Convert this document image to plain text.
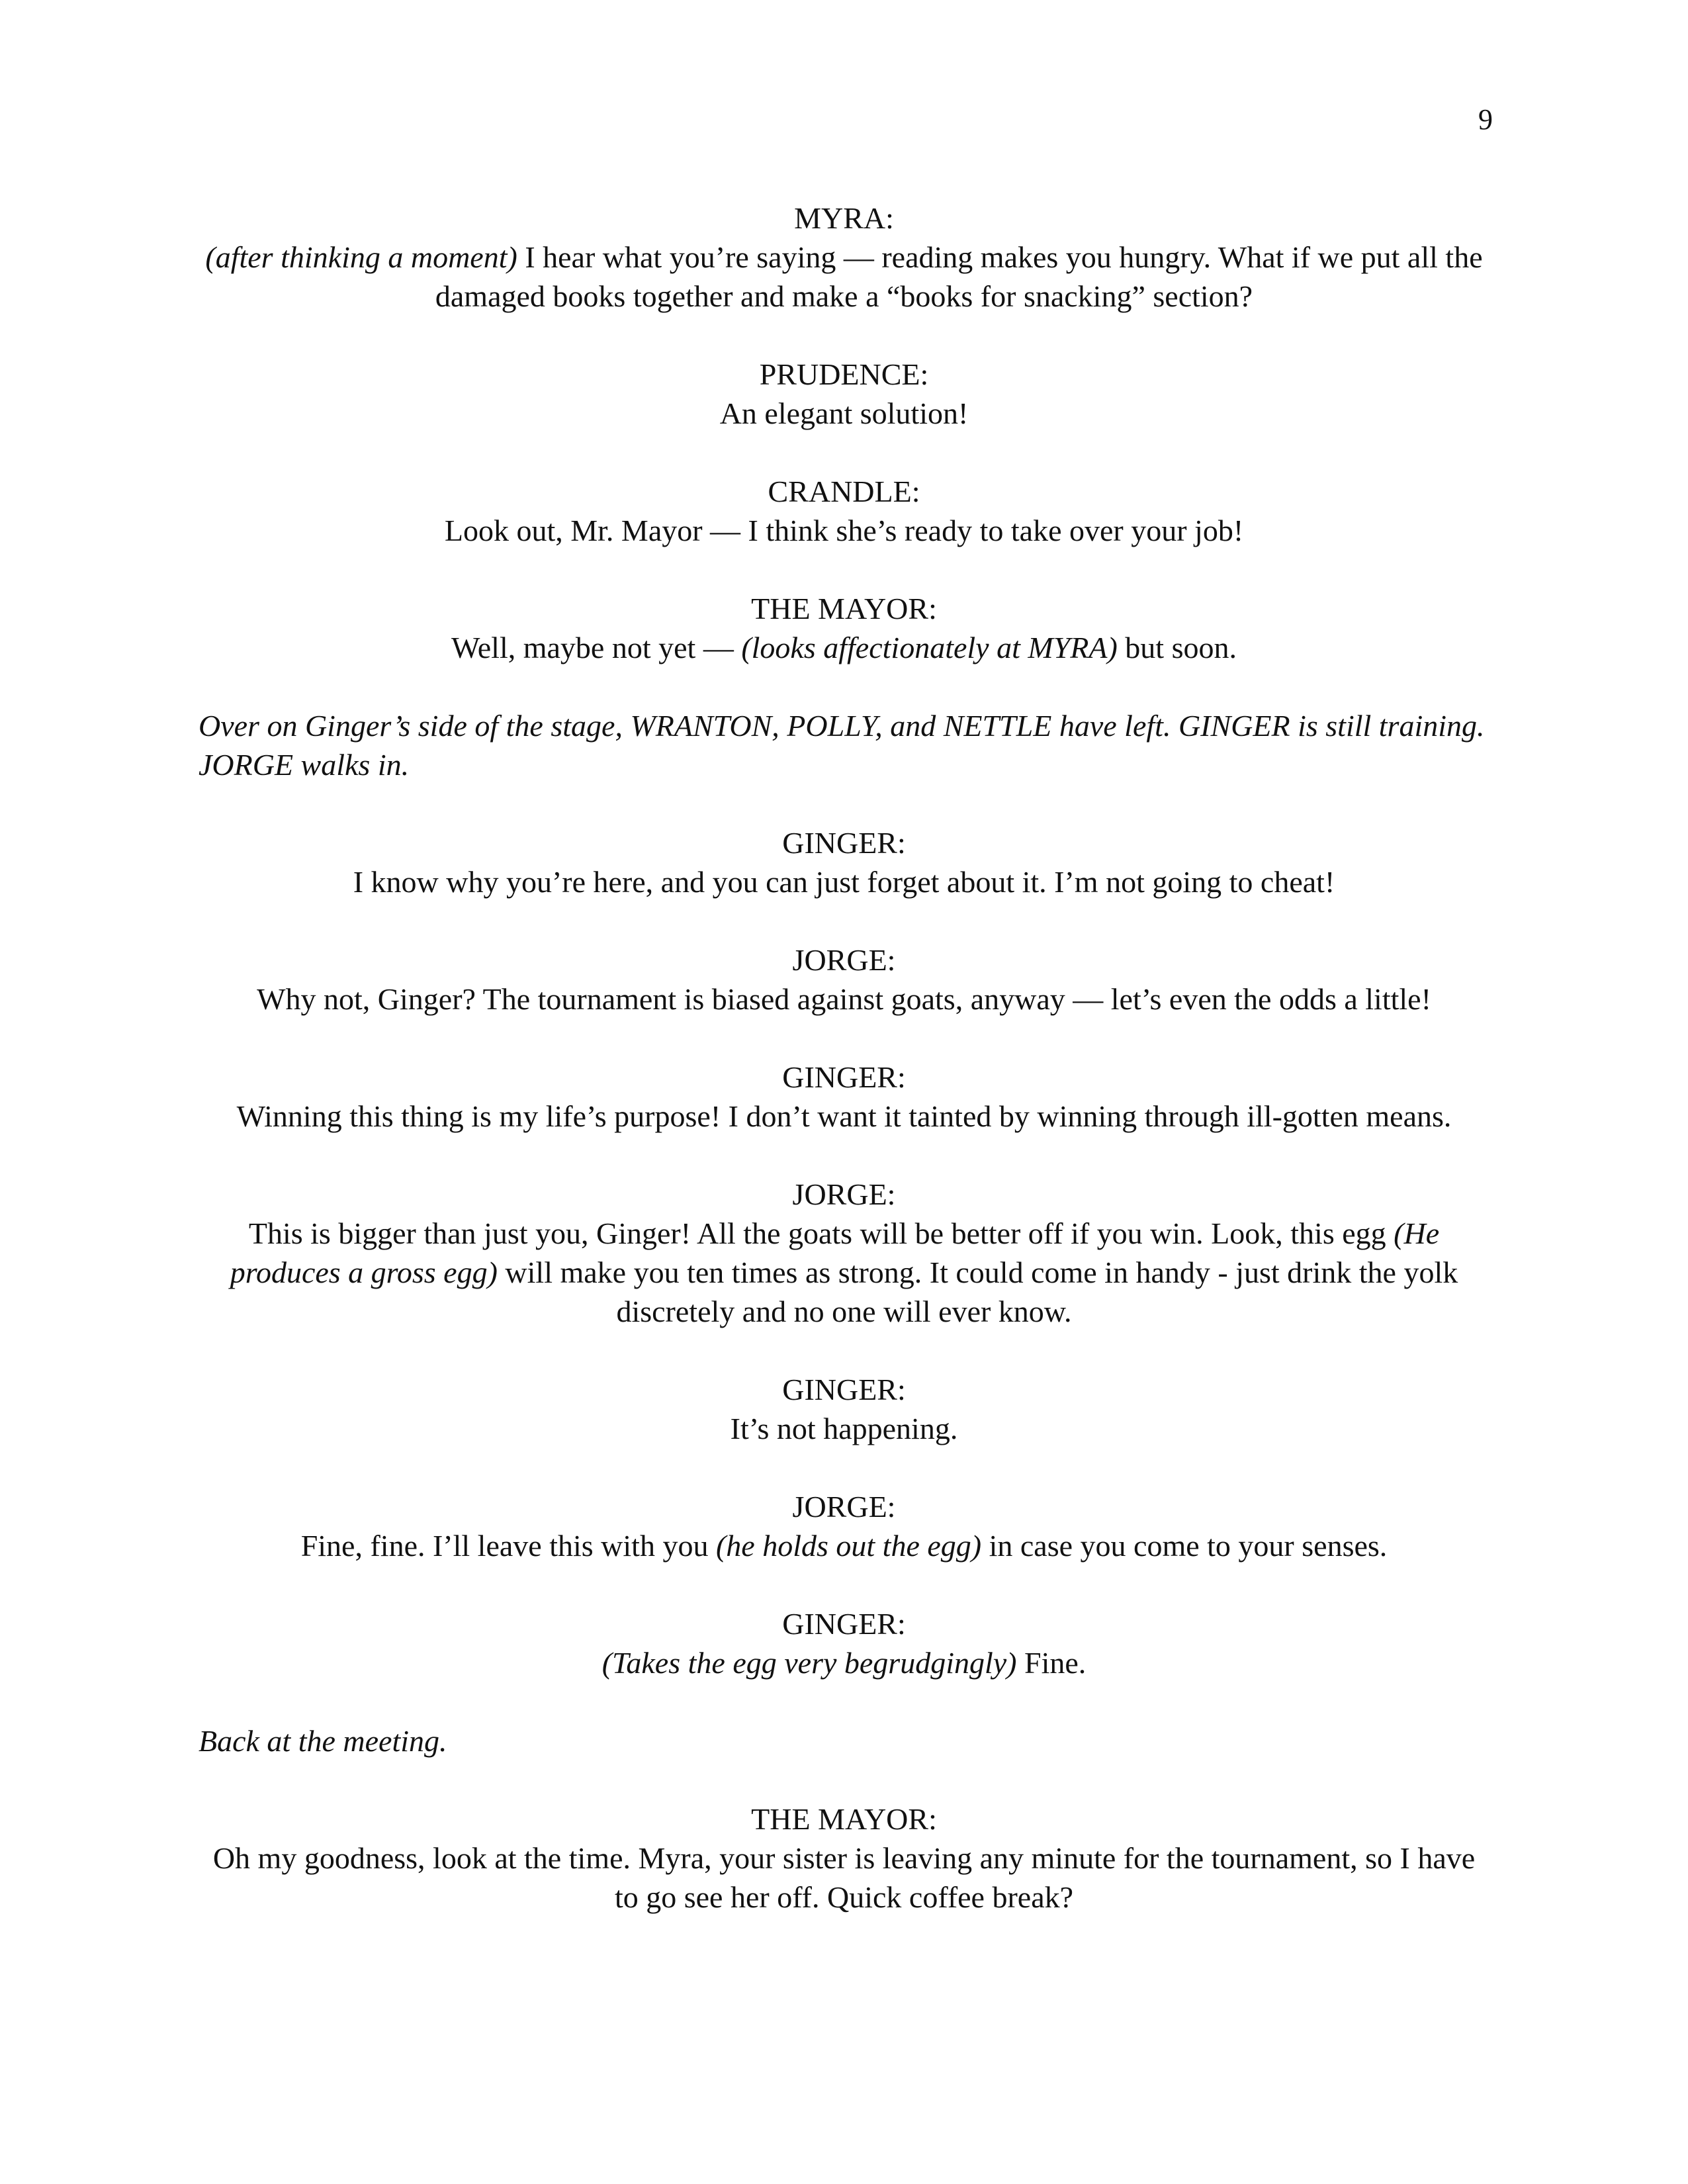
9
MYRA:
(after thinking a moment) I hear what you’re saying — reading makes you hungry. What if we put all the damaged books together and make a “books for snacking” section?
PRUDENCE:
An elegant solution!
CRANDLE:
Look out, Mr. Mayor — I think she’s ready to take over your job!
THE MAYOR:
Well, maybe not yet — (looks affectionately at MYRA) but soon.
Over on Ginger’s side of the stage, WRANTON, POLLY, and NETTLE have left. GINGER is still training. JORGE walks in.
GINGER:
I know why you’re here, and you can just forget about it. I’m not going to cheat!
JORGE:
Why not, Ginger? The tournament is biased against goats, anyway — let’s even the odds a little!
GINGER:
Winning this thing is my life’s purpose! I don’t want it tainted by winning through ill-gotten means.
JORGE:
This is bigger than just you, Ginger! All the goats will be better off if you win. Look, this egg (He produces a gross egg) will make you ten times as strong. It could come in handy - just drink the yolk discretely and no one will ever know.
GINGER:
It’s not happening.
JORGE:
Fine, fine. I’ll leave this with you (he holds out the egg) in case you come to your senses.
GINGER:
(Takes the egg very begrudgingly) Fine.
Back at the meeting.
THE MAYOR:
Oh my goodness, look at the time. Myra, your sister is leaving any minute for the tournament, so I have to go see her off. Quick coffee break?
